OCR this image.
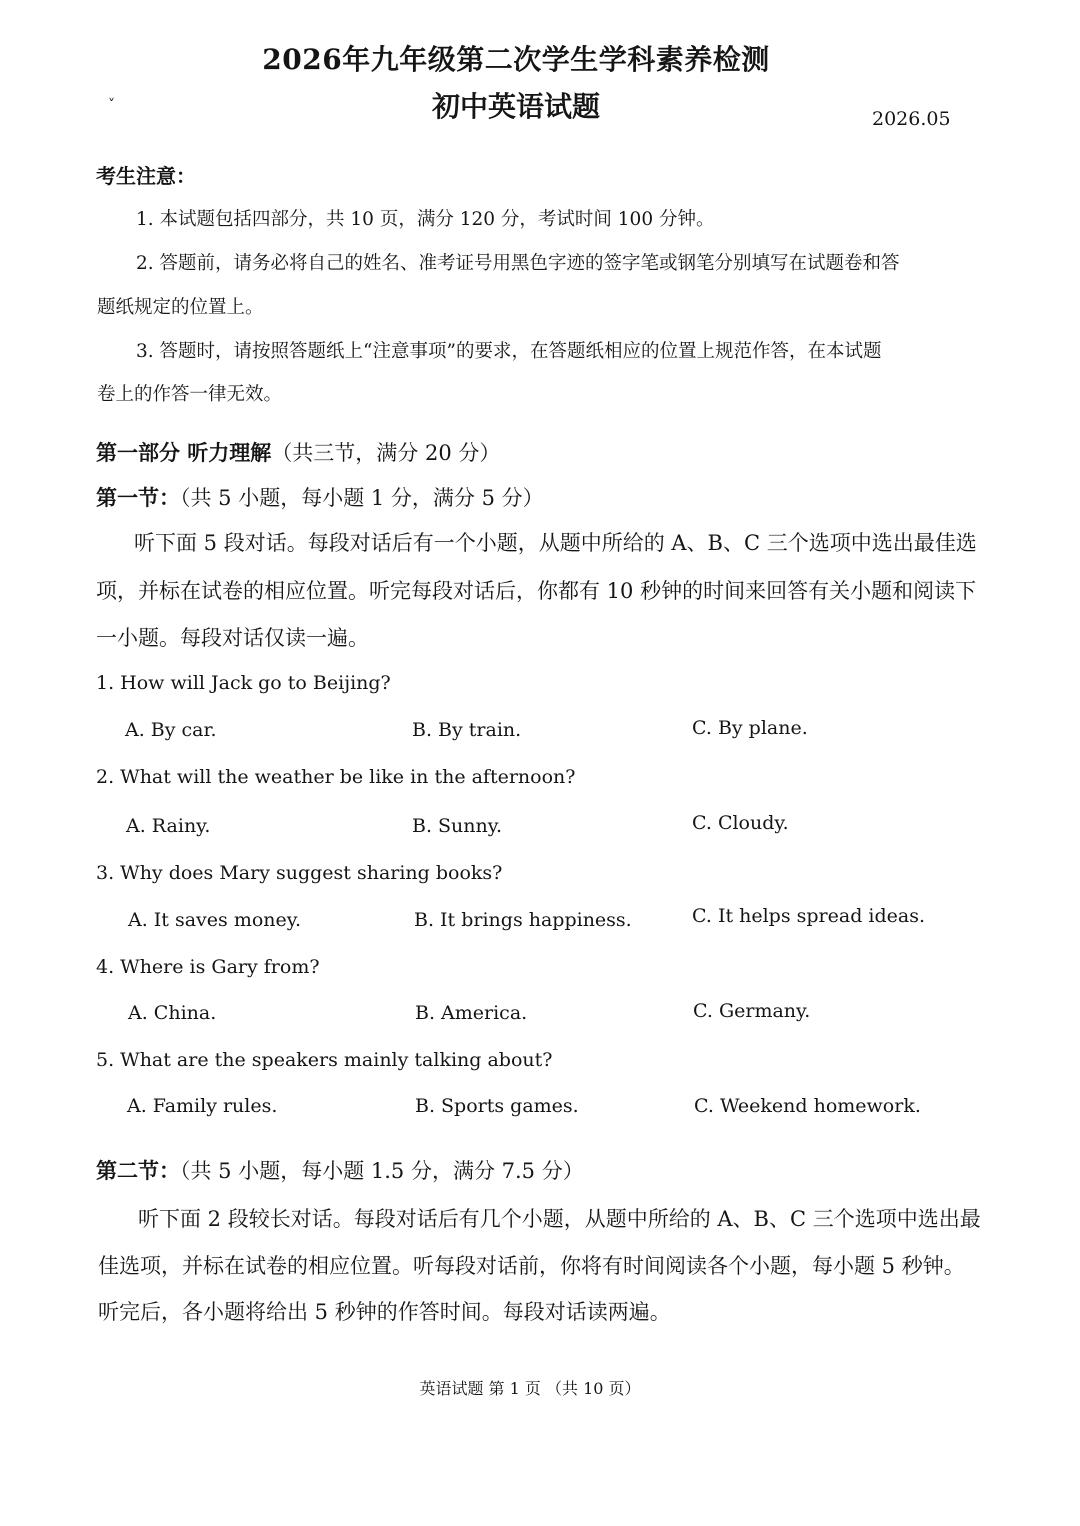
2026年九年级第二次学生学科素养检测
˅	初中英语试题	2026.05
考生注意：
1. 本试题包括四部分，共 10 页，满分 120 分，考试时间 100 分钟。
2. 答题前，请务必将自己的姓名、准考证号用黑色字迹的签字笔或钢笔分别填写在试题卷和答
题纸规定的位置上。
3. 答题时，请按照答题纸上“注意事项”的要求，在答题纸相应的位置上规范作答，在本试题
卷上的作答一律无效。
第一部分 听力理解（共三节，满分 20 分）
第一节：（共 5 小题，每小题 1 分，满分 5 分）
听下面 5 段对话。每段对话后有一个小题，从题中所给的 A、B、C 三个选项中选出最佳选
项，并标在试卷的相应位置。听完每段对话后，你都有 10 秒钟的时间来回答有关小题和阅读下
一小题。每段对话仅读一遍。
1. How will Jack go to Beijing?
A. By car.	B. By train.	C. By plane.
2. What will the weather be like in the afternoon?
A. Rainy.	B. Sunny.	C. Cloudy.
3. Why does Mary suggest sharing books?
A. It saves money.	B. It brings happiness.	C. It helps spread ideas.
4. Where is Gary from?
A. China.	B. America.	C. Germany.
5. What are the speakers mainly talking about?
A. Family rules.	B. Sports games.	C. Weekend homework.
第二节：（共 5 小题，每小题 1.5 分，满分 7.5 分）
听下面 2 段较长对话。每段对话后有几个小题，从题中所给的 A、B、C 三个选项中选出最
佳选项，并标在试卷的相应位置。听每段对话前，你将有时间阅读各个小题，每小题 5 秒钟。
听完后，各小题将给出 5 秒钟的作答时间。每段对话读两遍。
英语试题 第 1 页 （共 10 页）
